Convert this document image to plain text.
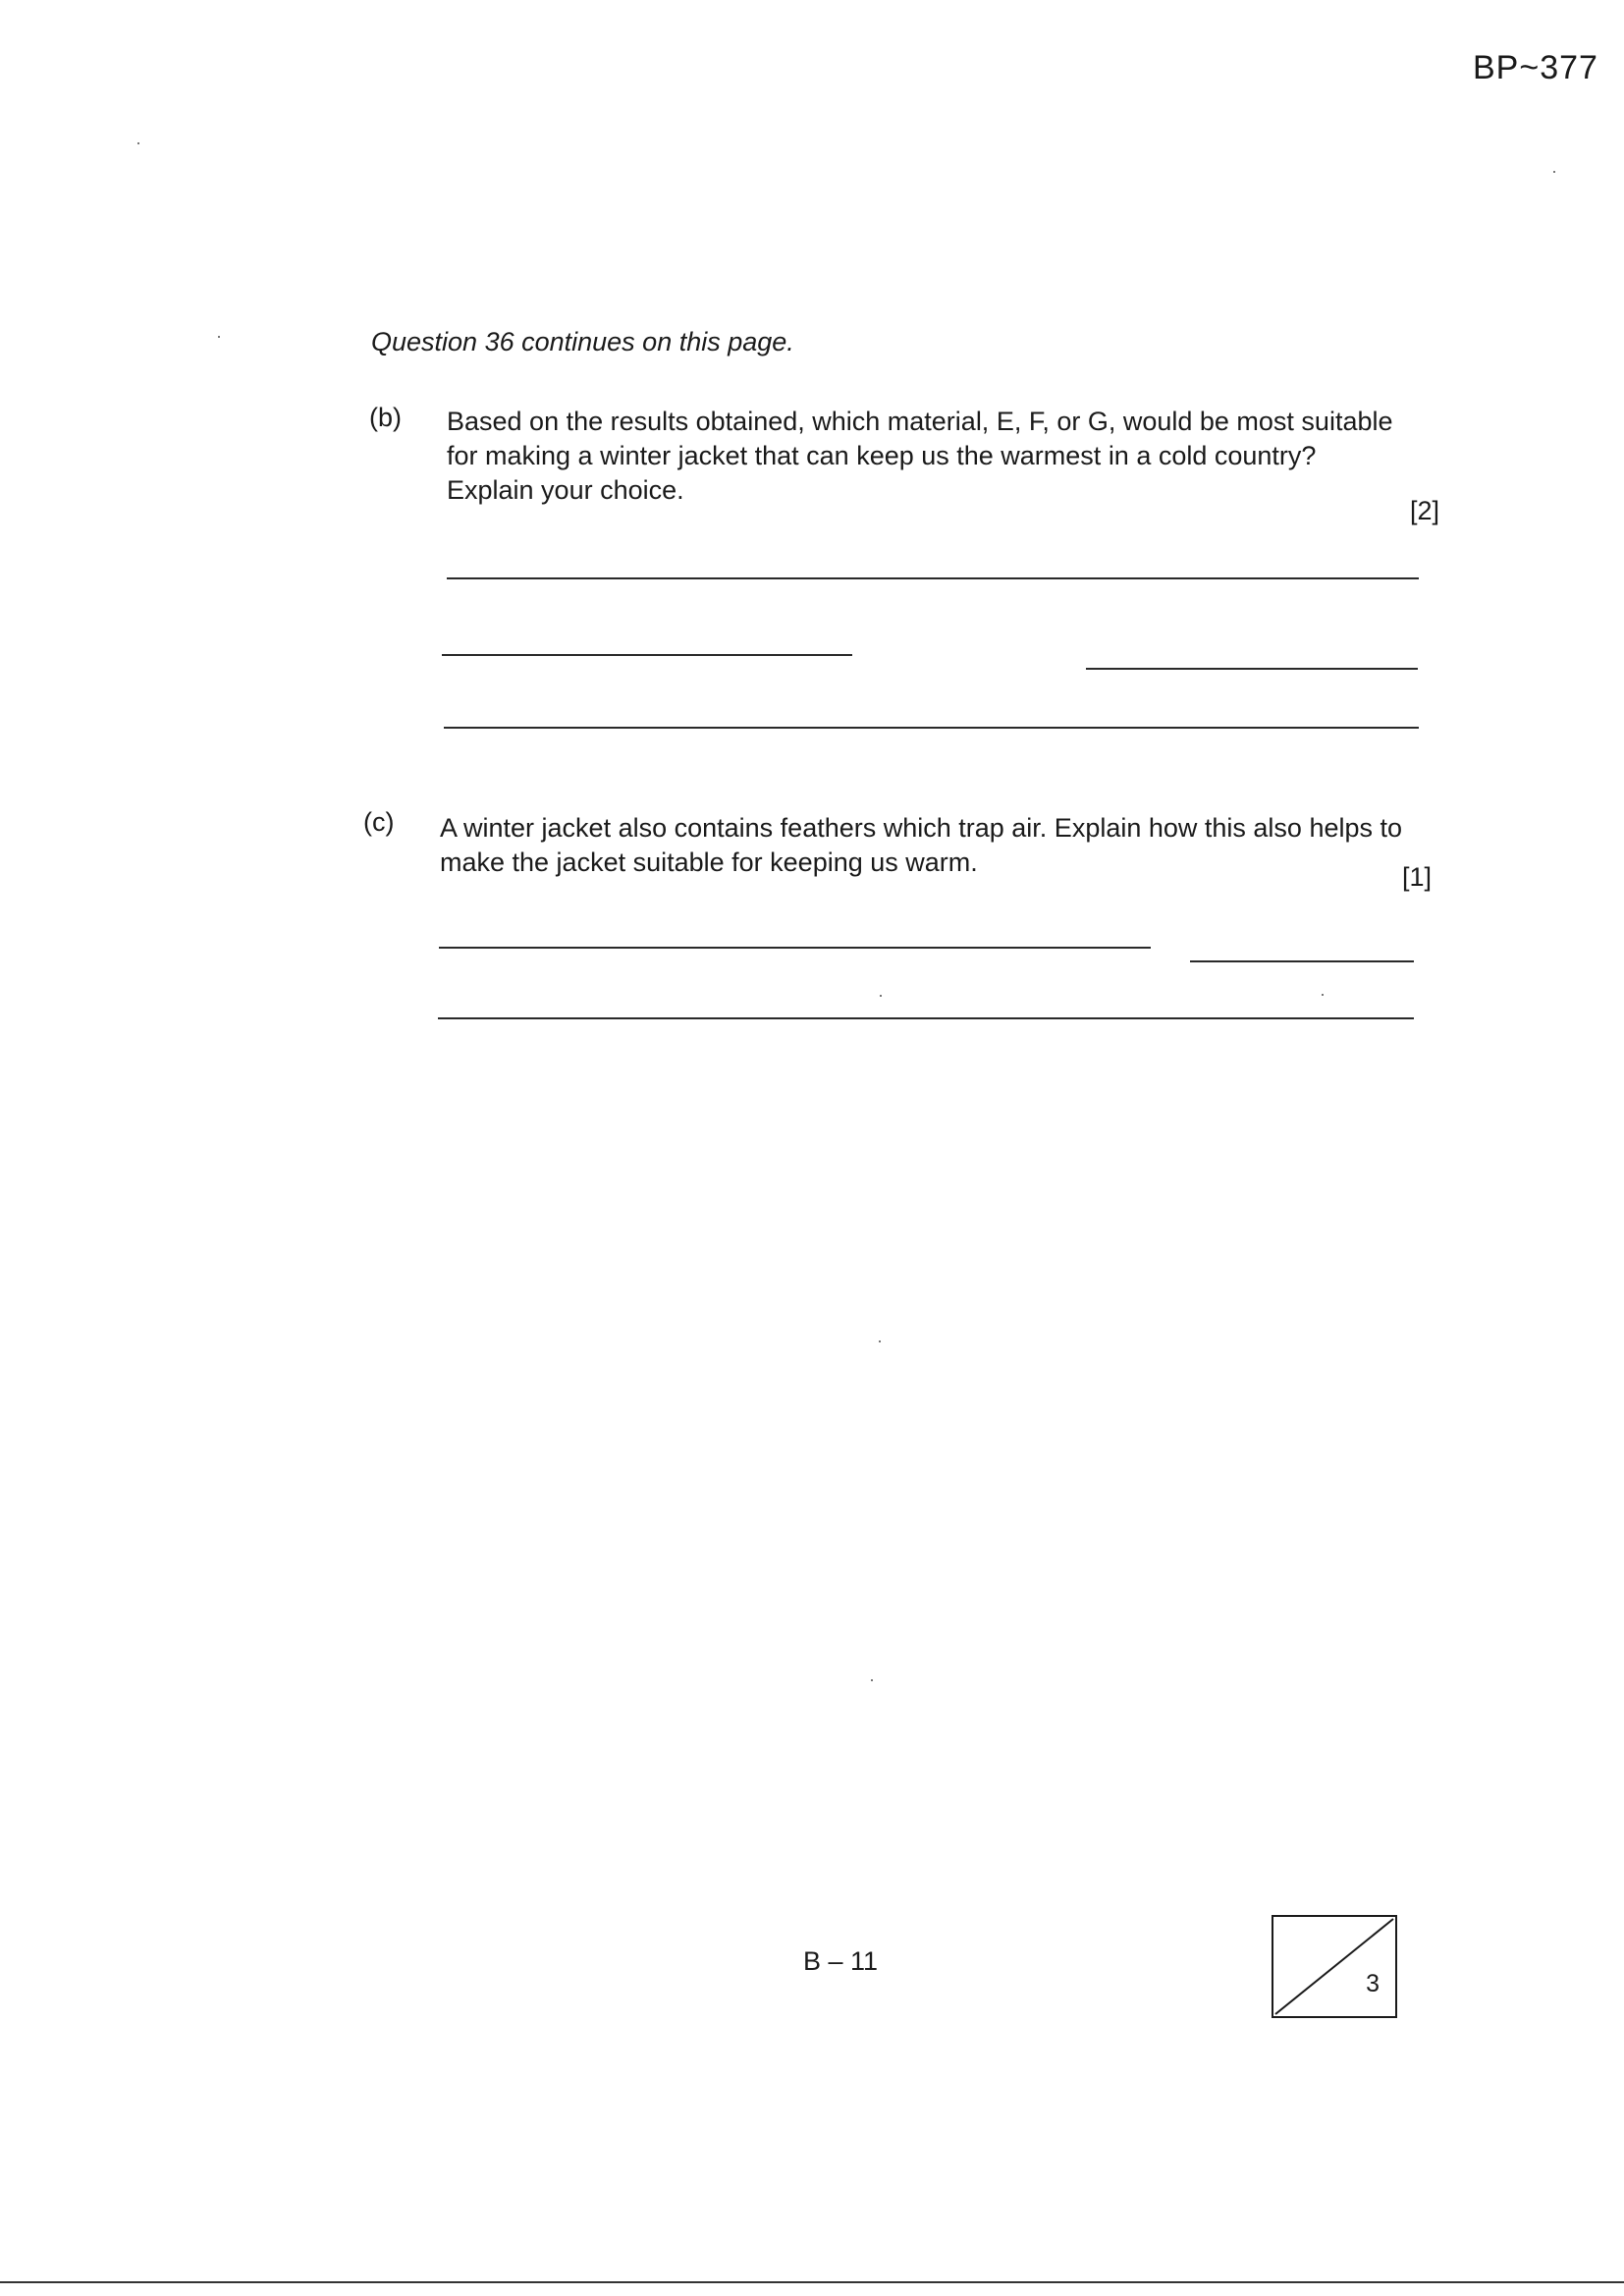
BP~377
Question 36 continues on this page.
(b) Based on the results obtained, which material, E, F, or G, would be most suitable
for making a winter jacket that can keep us the warmest in a cold country?
Explain your choice.
[2]
(c) A winter jacket also contains feathers which trap air. Explain how this also helps to
make the jacket suitable for keeping us warm.	[1]
B – 11
3
